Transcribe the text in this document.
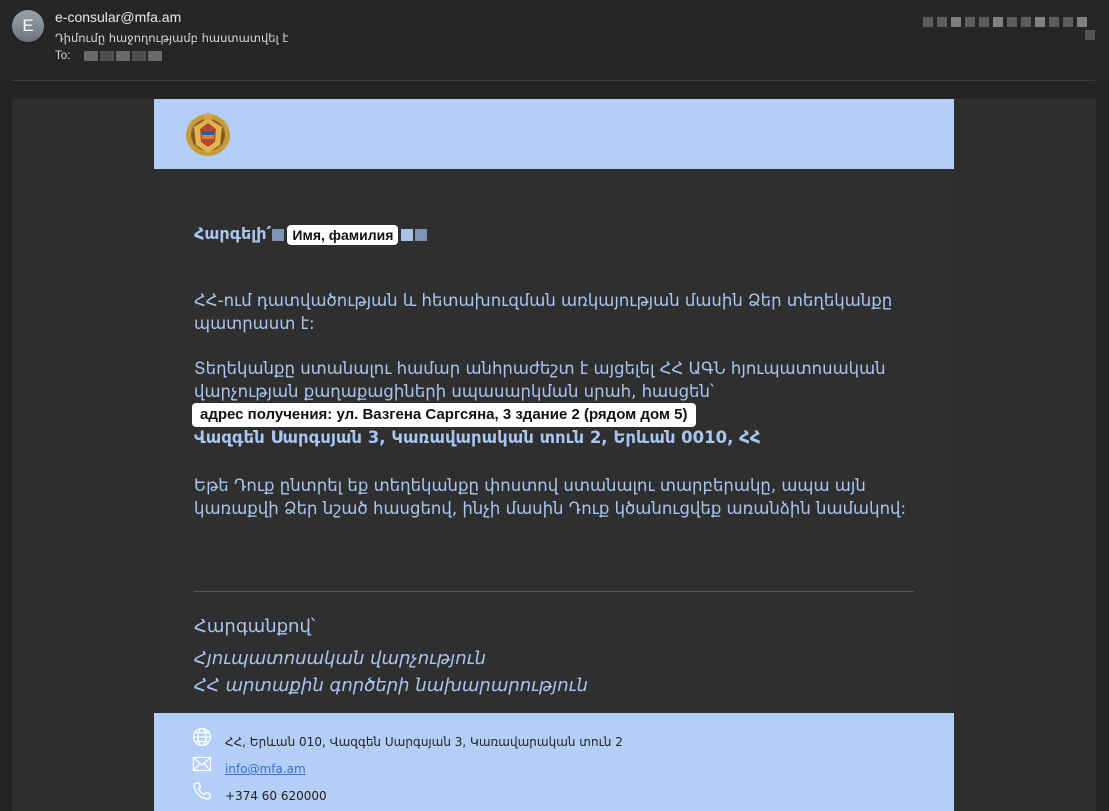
E	e-consular@mfa.am
Դիմումը հաջողությամբ հաստատվել է
To:
Հարգելի՛ Имя, фамилия
ՀՀ-ում դատվածության և հետախուզման առկայության մասին Ձեր տեղեկանքը պատրաստ է:
Տեղեկանքը ստանալու համար անհրաժեշտ է այցելել ՀՀ ԱԳՆ հյուպատոսական վարչության քաղաքացիների սպասարկման սրահ, հասցեն՝
адрес получения: ул. Вазгена Саргсяна, 3 здание 2 (рядом дом 5)
Վազգեն Սարգսյան 3, Կառավարական տուն 2, Երևան 0010, ՀՀ
Եթե Դուք ընտրել եք տեղեկանքը փոստով ստանալու տարբերակը, ապա այն կառաքվի Ձեր նշած հասցեով, ինչի մասին Դուք կծանուցվեք առանձին նամակով:
Հարգանքով՝
Հյուպատոսական վարչություն
ՀՀ արտաքին գործերի նախարարություն
ՀՀ, Երևան 010, Վազգեն Սարգսյան 3, Կառավարական տուն 2
info@mfa.am
+374 60 620000
